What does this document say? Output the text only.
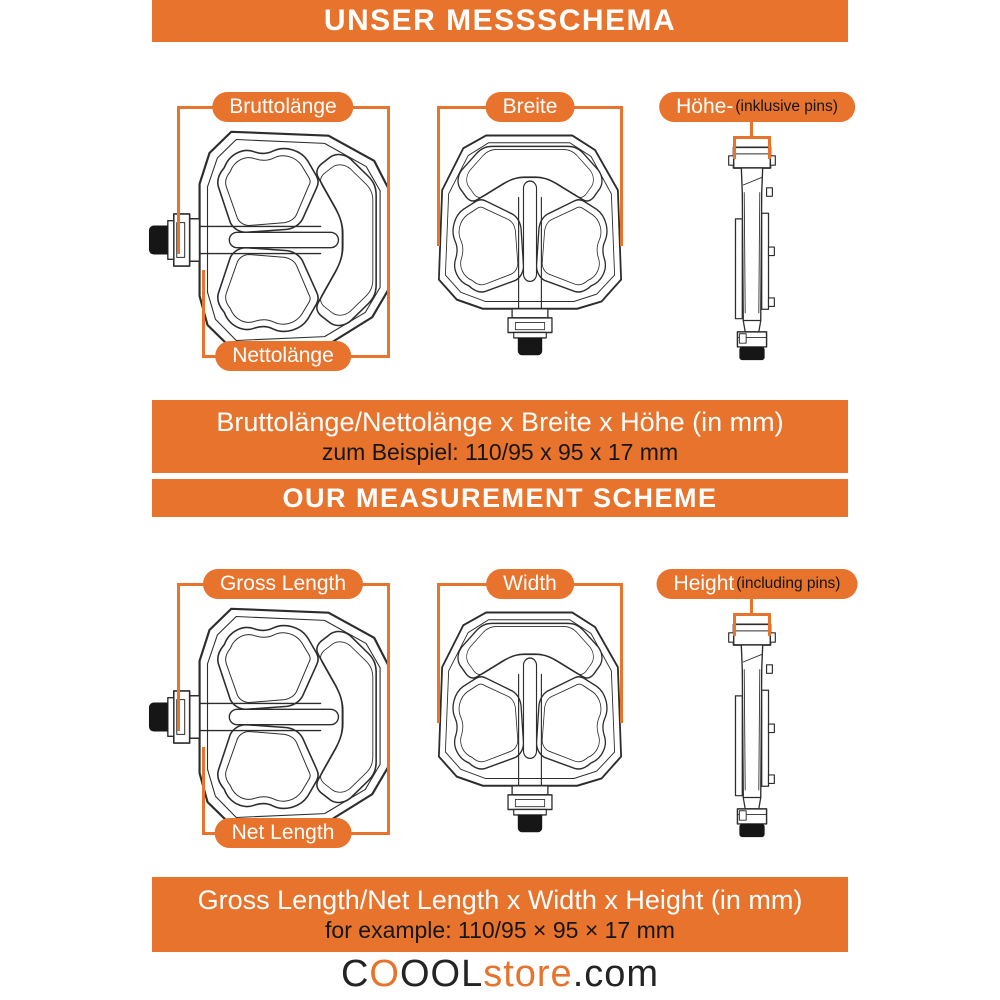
UNSER MESSSCHEMA
Bruttolänge	Breite	Höhe- (inklusive pins)
Nettolänge
Bruttolänge/Nettolänge x Breite x Höhe (in mm)
zum Beispiel: 110/95 x 95 x 17 mm
OUR MEASUREMENT SCHEME
Gross Length	Width	Height (including pins)
Net Length
Gross Length/Net Length x Width x Height (in mm)
for example: 110/95 × 95 × 17 mm
C O OOL store .com
